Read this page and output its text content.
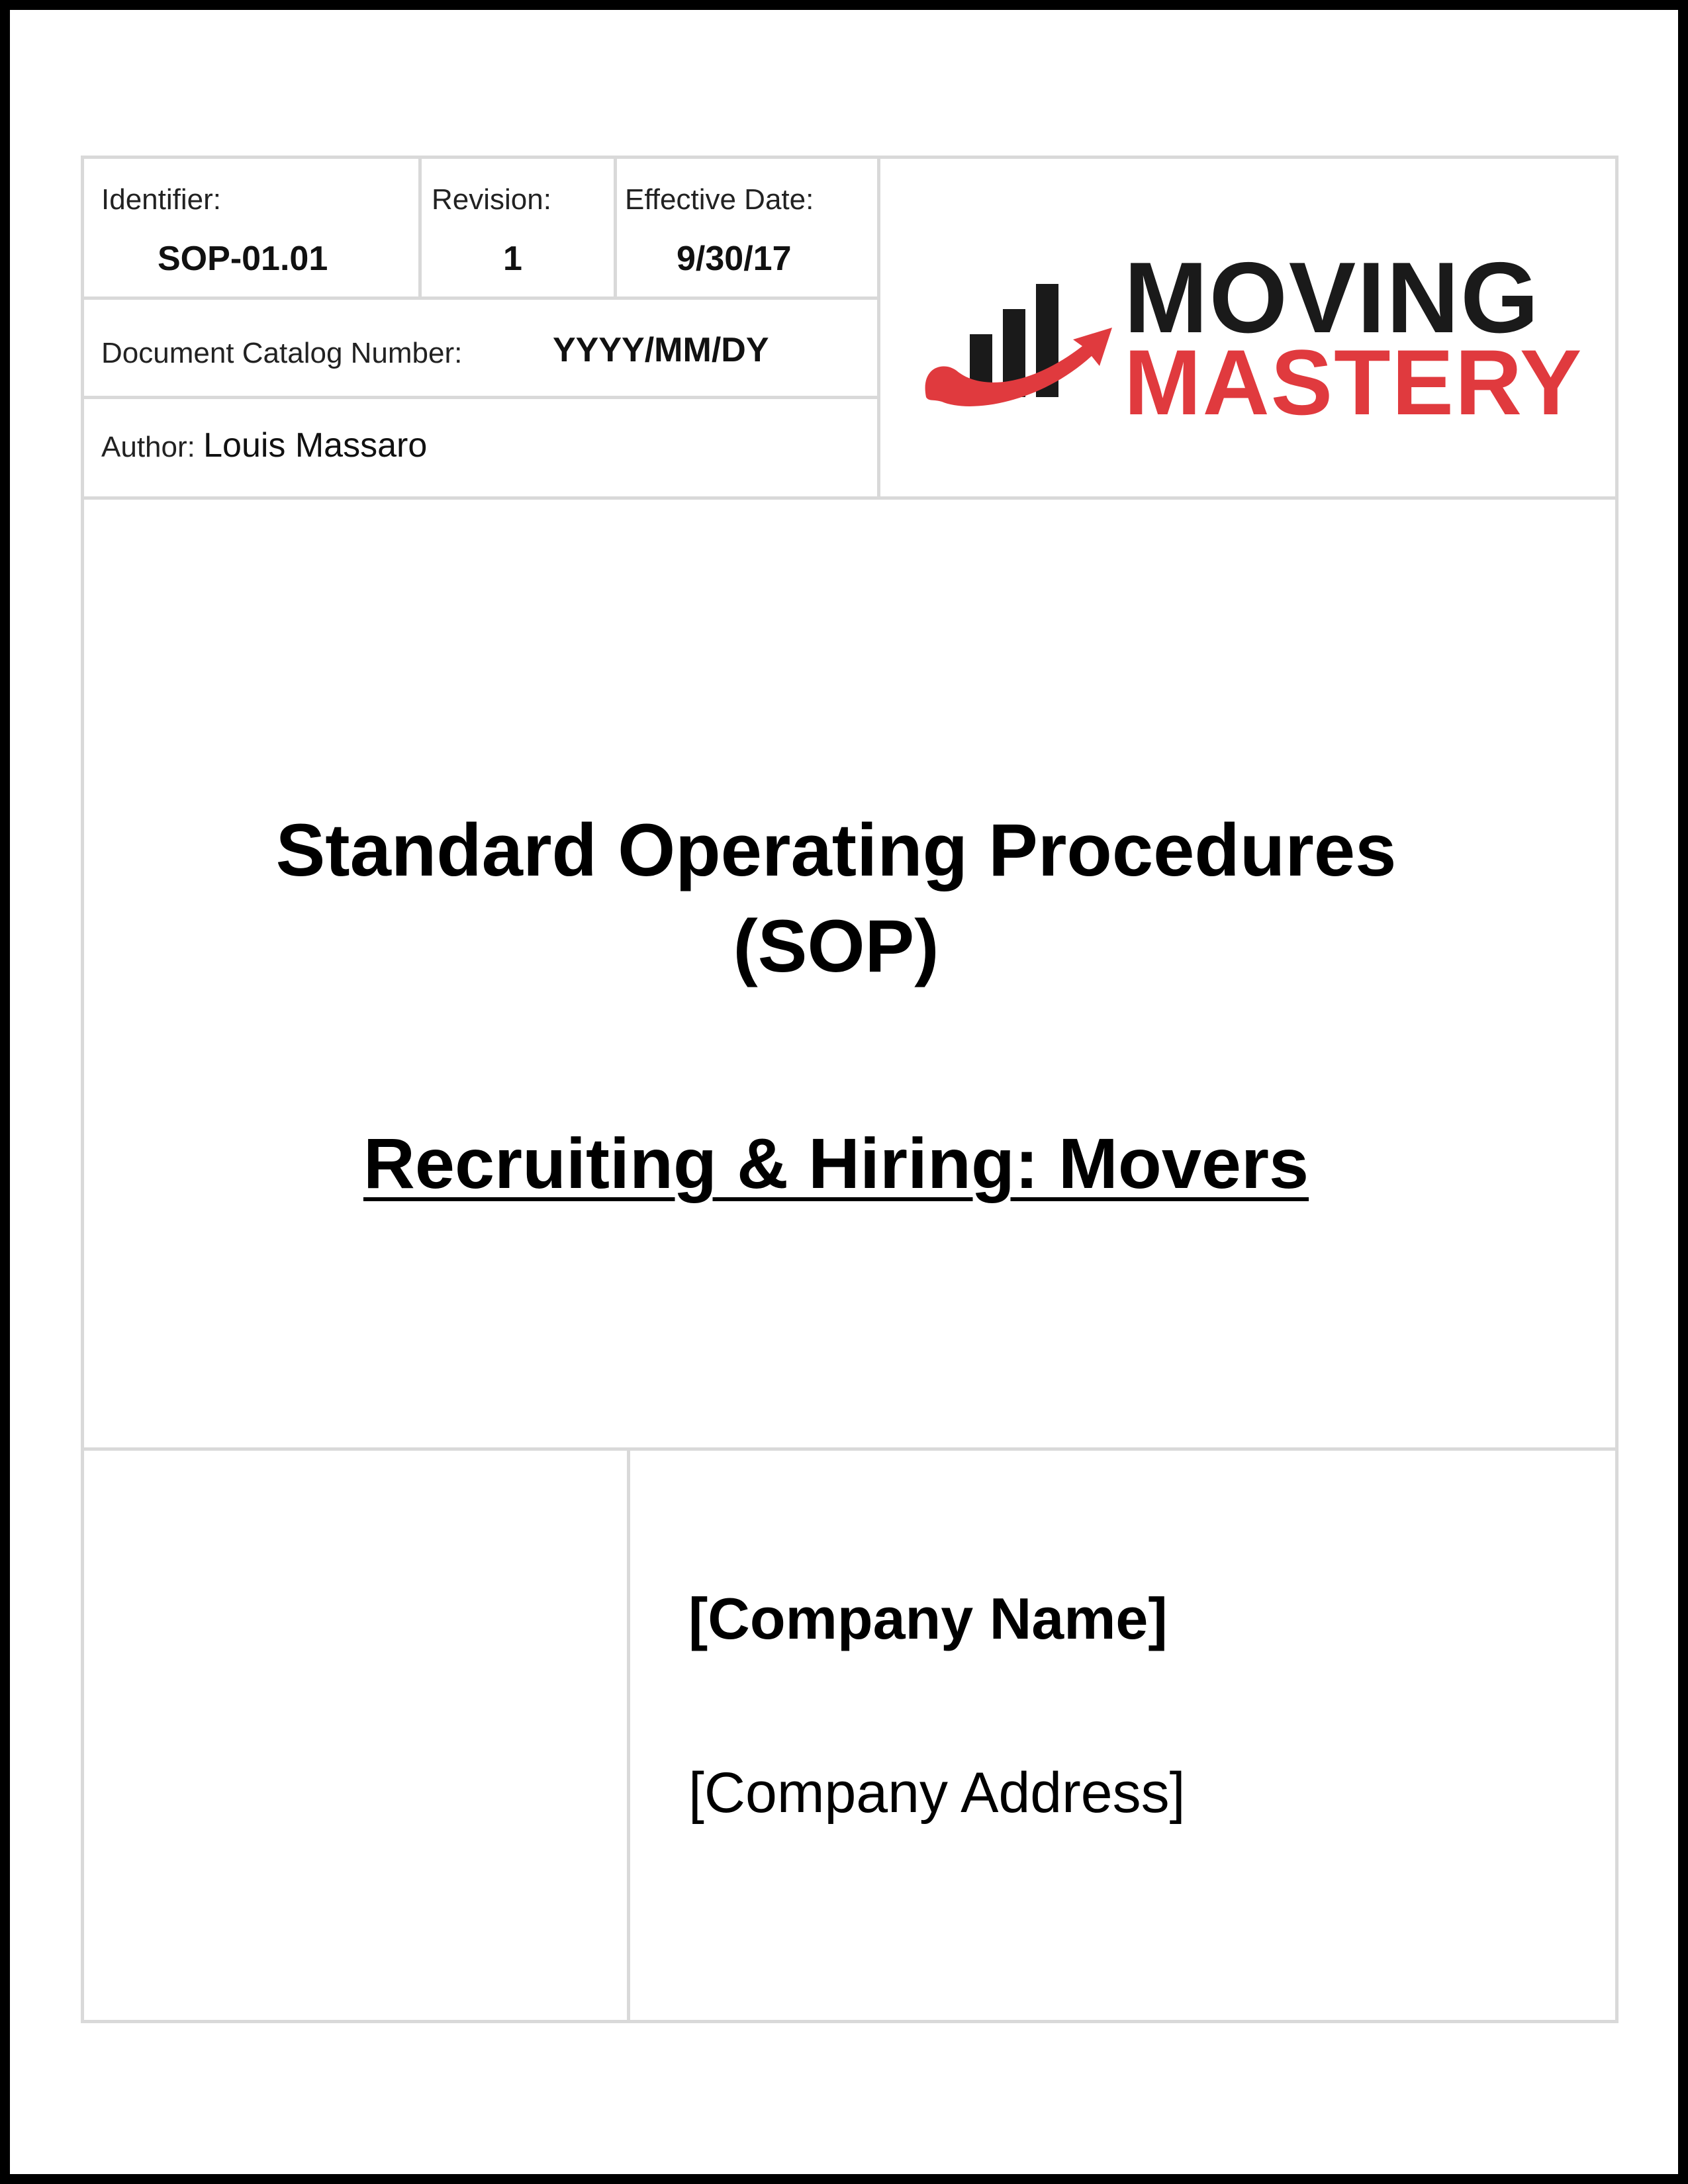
Identifier:
SOP-01.01
Revision:
1
Effective Date:
9/30/17
Document Catalog Number:	YYYY/MM/DY
Author: Louis Massaro
MOVING
MASTERY
Standard Operating Procedures
(SOP)
Recruiting & Hiring: Movers
[Company Name]
[Company Address]
